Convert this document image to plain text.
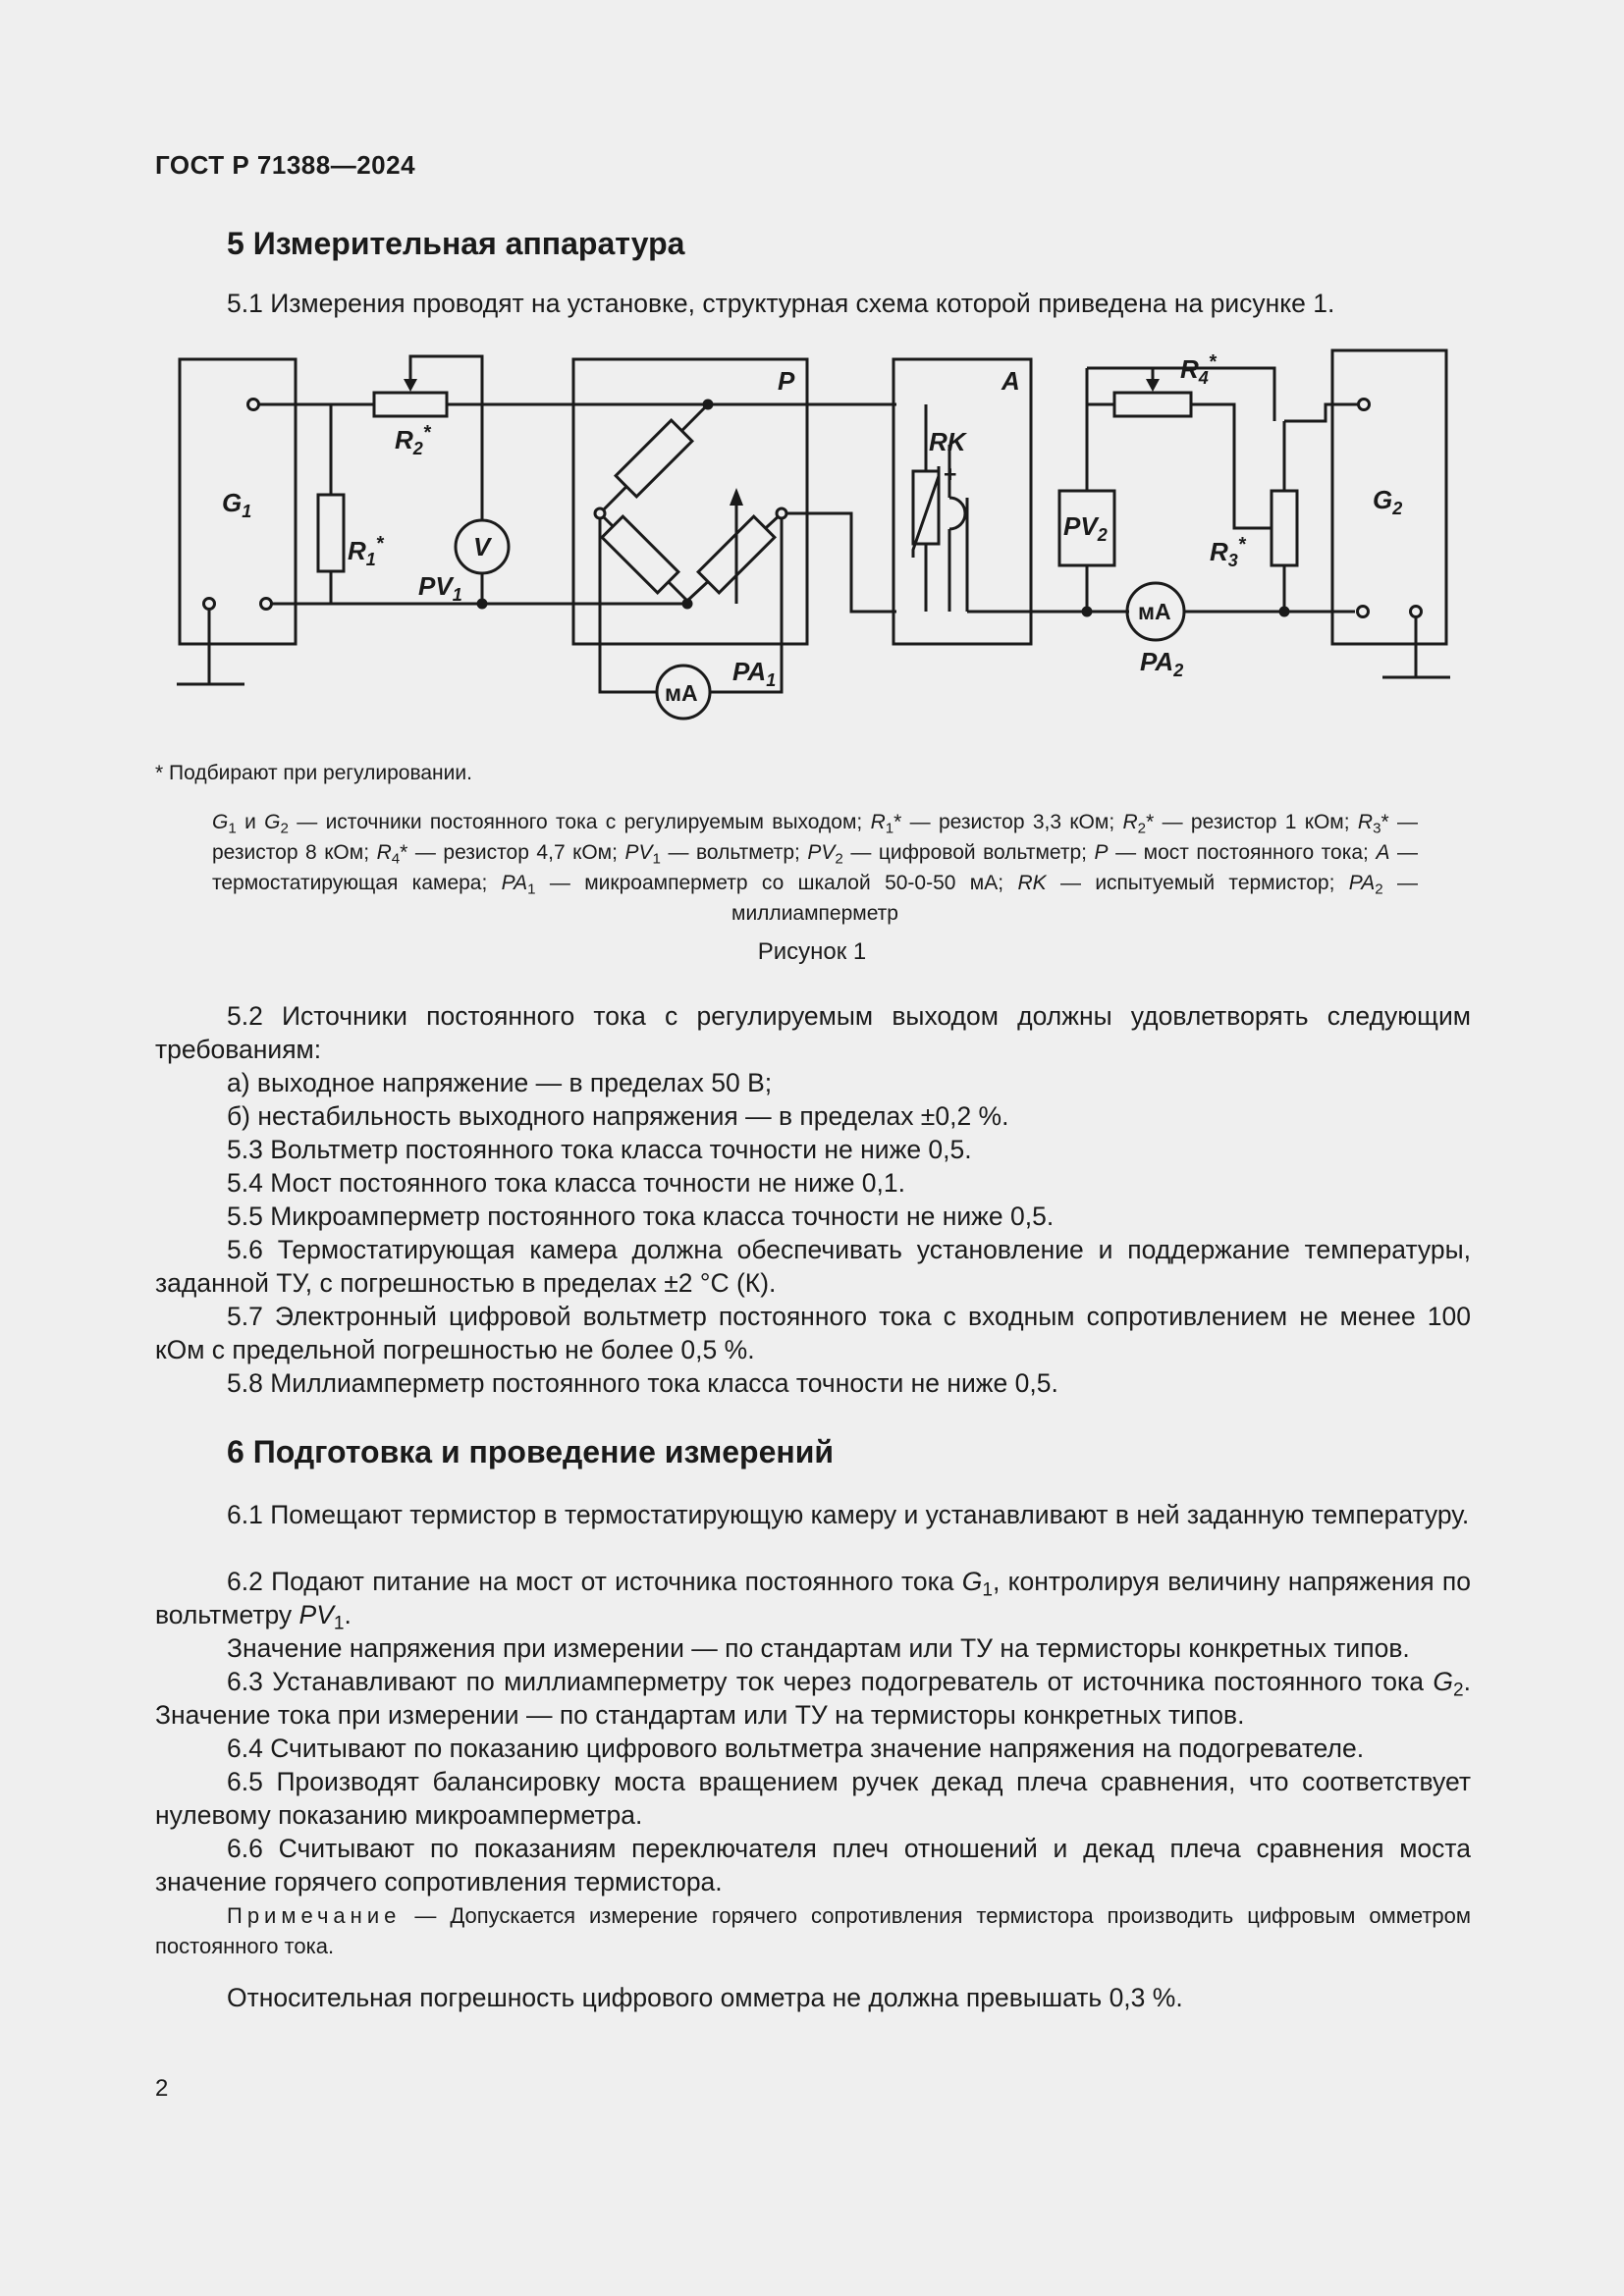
ГОСТ Р 71388—2024
5 Измерительная аппаратура
5.1 Измерения проводят на установке, структурная схема которой приведена на рисунке 1.
$G_1$	$G_2$
$R_1^*$
$R_2^*$
$R_3^*$
$R_4^*$
$PV_1$
$PV_2$
$PA_1$
$PA_2$
V
мА
мА
P	A
RK
+
* Подбирают при регулировании.
$G_1$ и $G_2$ — источники постоянного тока с регулируемым выходом; $R_1*$ — резистор 3,3 кОм; $R_2*$ — резистор 1 кОм; $R_3*$ — резистор 8 кОм; $R_4*$ — резистор 4,7 кОм; $PV_1$ — вольтметр; $PV_2$ — цифровой вольтметр; P — мост постоянного тока; A — термостатирующая камера; $PA_1$ — микроамперметр со шкалой 50-0-50 мА; RK — испытуемый термистор; $PA_2$ — миллиамперметр
Рисунок 1
5.2 Источники постоянного тока с регулируемым выходом должны удовлетворять следующим требованиям:
а) выходное напряжение — в пределах 50 В;
б) нестабильность выходного напряжения — в пределах ±0,2 %.
5.3 Вольтметр постоянного тока класса точности не ниже 0,5.
5.4 Мост постоянного тока класса точности не ниже 0,1.
5.5 Микроамперметр постоянного тока класса точности не ниже 0,5.
5.6 Термостатирующая камера должна обеспечивать установление и поддержание температуры, заданной ТУ, с погрешностью в пределах ±2 °С (К).
5.7 Электронный цифровой вольтметр постоянного тока с входным сопротивлением не менее 100 кОм с предельной погрешностью не более 0,5 %.
5.8 Миллиамперметр постоянного тока класса точности не ниже 0,5.
6 Подготовка и проведение измерений
6.1 Помещают термистор в термостатирующую камеру и устанавливают в ней заданную температуру.
6.2 Подают питание на мост от источника постоянного тока $G_1$, контролируя величину напряжения по вольтметру $PV_1$.
Значение напряжения при измерении — по стандартам или ТУ на термисторы конкретных типов.
6.3 Устанавливают по миллиамперметру ток через подогреватель от источника постоянного тока $G_2$. Значение тока при измерении — по стандартам или ТУ на термисторы конкретных типов.
6.4 Считывают по показанию цифрового вольтметра значение напряжения на подогревателе.
6.5 Производят балансировку моста вращением ручек декад плеча сравнения, что соответствует нулевому показанию микроамперметра.
6.6 Считывают по показаниям переключателя плеч отношений и декад плеча сравнения моста значение горячего сопротивления термистора.
Примечание — Допускается измерение горячего сопротивления термистора производить цифровым омметром постоянного тока.
Относительная погрешность цифрового омметра не должна превышать 0,3 %.
2
